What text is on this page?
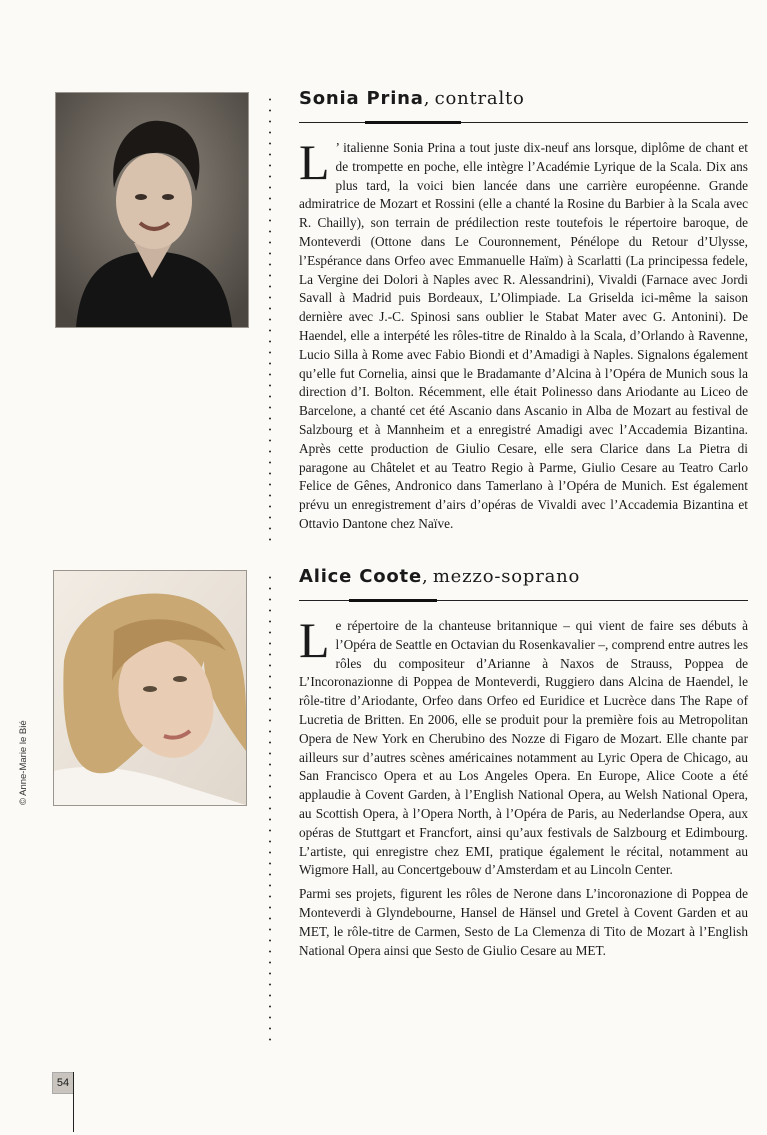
© Anne-Marie le Bié
Sonia Prina, contralto

L ’ italienne Sonia Prina a tout juste dix-neuf ans lorsque, diplôme de chant et de trompette en poche, elle intègre l’Académie Lyrique de la Scala. Dix ans plus tard, la voici bien lancée dans une carrière européenne. Grande admiratrice de Mozart et Rossini (elle a chanté la Rosine du Barbier à la Scala avec R. Chailly), son terrain de prédilection reste toutefois le répertoire baroque, de Monteverdi (Ottone dans Le Couronnement, Pénélope du Retour d’Ulysse, l’Espérance dans Orfeo avec Emmanuelle Haïm) à Scarlatti (La principessa fedele, La Vergine dei Dolori à Naples avec R. Alessandrini), Vivaldi (Farnace avec Jordi Savall à Madrid puis Bordeaux, L’Olimpiade. La Griselda ici-même la saison dernière avec J.-C. Spinosi sans oublier le Stabat Mater avec G. Antonini). De Haendel, elle a interpété les rôles-titre de Rinaldo à la Scala, d’Orlando à Ravenne, Lucio Silla à Rome avec Fabio Biondi et d’Amadigi à Naples. Signalons également qu’elle fut Cornelia, ainsi que le Bradamante d’Alcina à l’Opéra de Munich sous la direction d’I. Bolton. Récemment, elle était Polinesso dans Ariodante au Liceo de Barcelone, a chanté cet été Ascanio dans Ascanio in Alba de Mozart au festival de Salzbourg et à Mannheim et a enregistré Amadigi avec l’Accademia Bizantina. Après cette production de Giulio Cesare, elle sera Clarice dans La Pietra di paragone au Châtelet et au Teatro Regio à Parme, Giulio Cesare au Teatro Carlo Felice de Gênes, Andronico dans Tamerlano à l’Opéra de Munich. Est également prévu un enregistrement d’airs d’opéras de Vivaldi avec l’Accademia Bizantina et Ottavio Dantone chez Naïve.

Alice Coote, mezzo-soprano

Le répertoire de la chanteuse britannique – qui vient de faire ses débuts à l’Opéra de Seattle en Octavian du Rosenkavalier –, comprend entre autres les rôles du compositeur d’Arianne à Naxos de Strauss, Poppea de L’Incoronazionne di Poppea de Monteverdi, Ruggiero dans Alcina de Haendel, le rôle-titre d’Ariodante, Orfeo dans Orfeo ed Euridice et Lucrèce dans The Rape of Lucretia de Britten. En 2006, elle se produit pour la première fois au Metropolitan Opera de New York en Cherubino des Nozze di Figaro de Mozart. Elle chante par ailleurs sur d’autres scènes américaines notamment au Lyric Opera de Chicago, au San Francisco Opera et au Los Angeles Opera. En Europe, Alice Coote a été applaudie à Covent Garden, à l’English National Opera, au Welsh National Opera, au Scottish Opera, à l’Opera North, à l’Opéra de Paris, au Nederlandse Opera, aux opéras de Stuttgart et Francfort, ainsi qu’aux festivals de Salzbourg et Edimbourg. L’artiste, qui enregistre chez EMI, pratique également le récital, notamment au Wigmore Hall, au Concertgebouw d’Amsterdam et au Lincoln Center.

Parmi ses projets, figurent les rôles de Nerone dans L’incoronazione di Poppea de Monteverdi à Glyndebourne, Hansel de Hänsel und Gretel à Covent Garden et au MET, le rôle-titre de Carmen, Sesto de La Clemenza di Tito de Mozart à l’English National Opera ainsi que Sesto de Giulio Cesare au MET.

54
